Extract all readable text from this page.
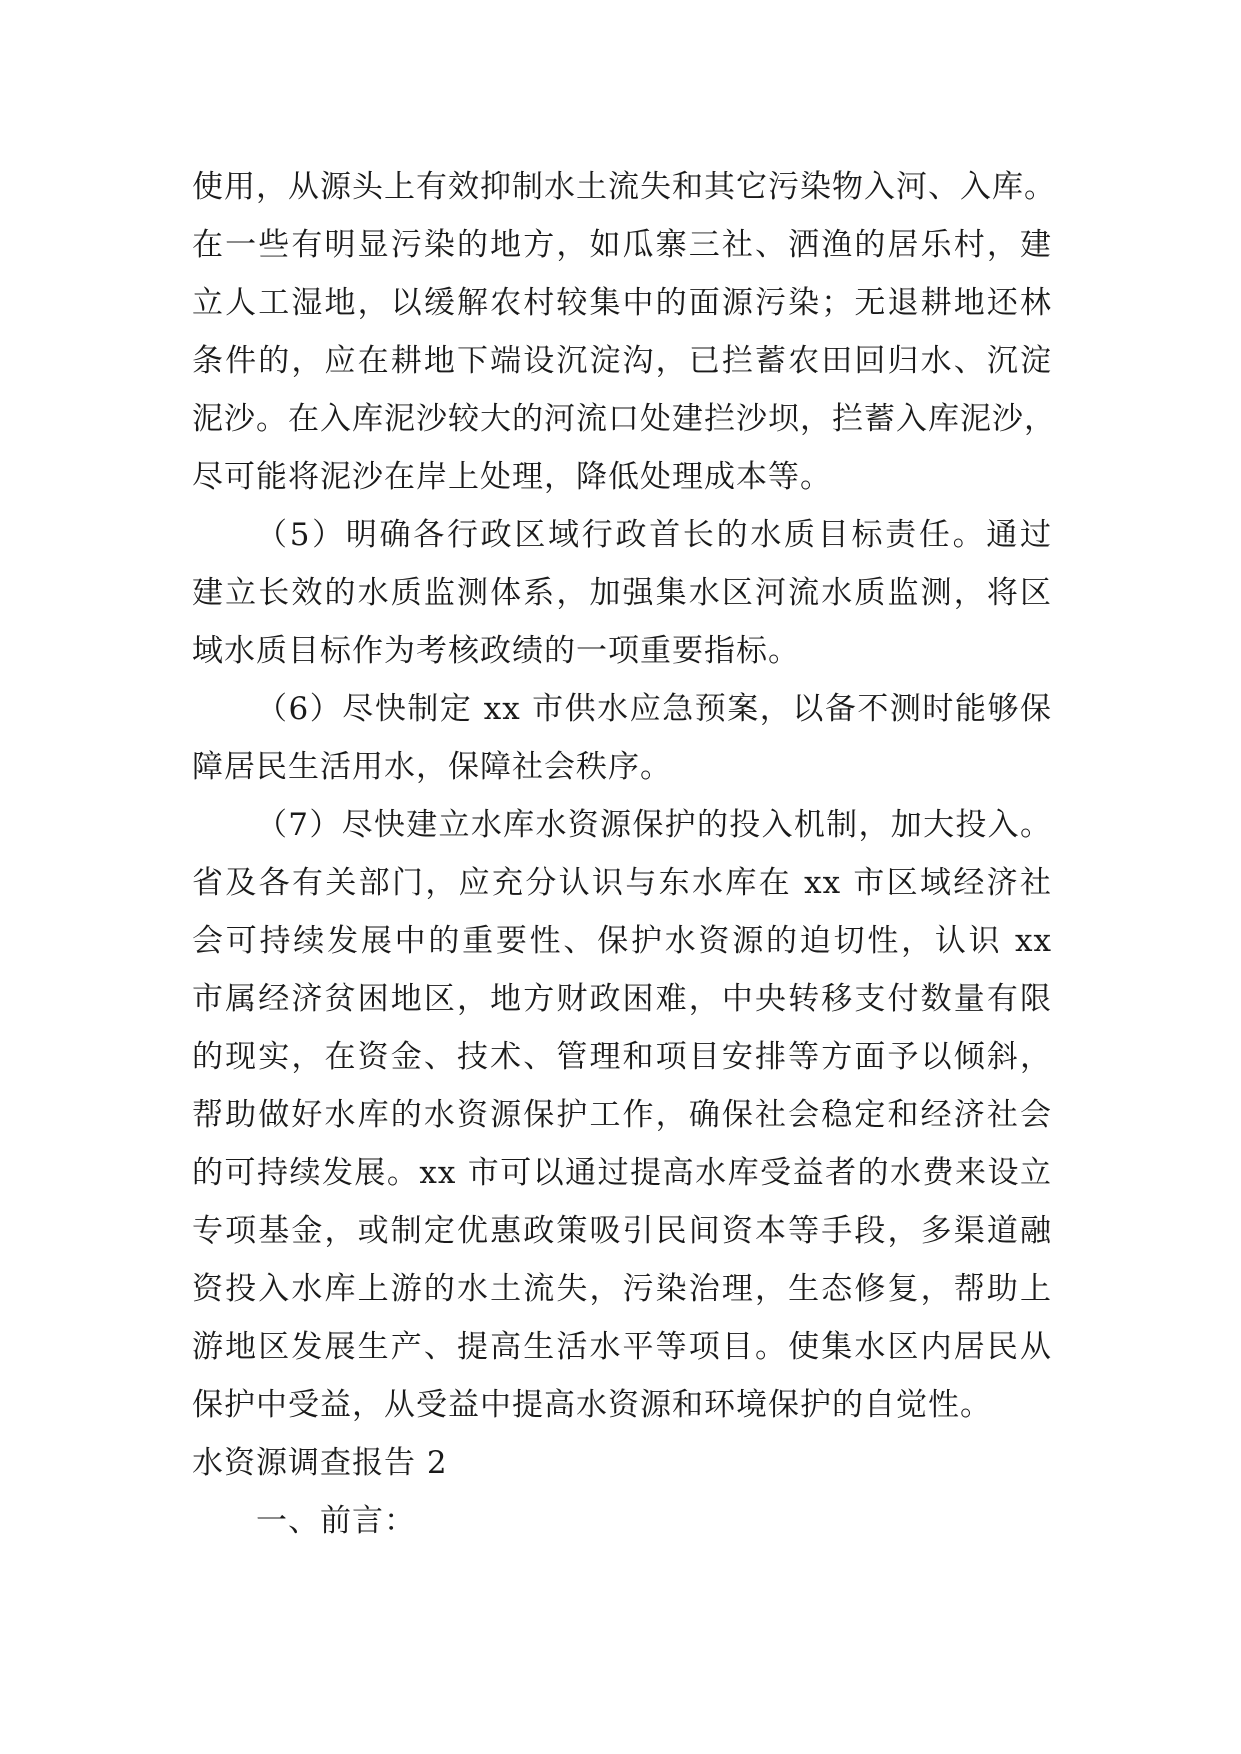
使用，从源头上有效抑制水土流失和其它污染物入河、入库。
在一些有明显污染的地方，如瓜寨三社、洒渔的居乐村，建
立人工湿地，以缓解农村较集中的面源污染；无退耕地还林
条件的，应在耕地下端设沉淀沟，已拦蓄农田回归水、沉淀
泥沙。在入库泥沙较大的河流口处建拦沙坝，拦蓄入库泥沙，
尽可能将泥沙在岸上处理，降低处理成本等。
（5）明确各行政区域行政首长的水质目标责任。通过
建立长效的水质监测体系，加强集水区河流水质监测，将区
域水质目标作为考核政绩的一项重要指标。
（6）尽快制定 xx 市供水应急预案，以备不测时能够保
障居民生活用水，保障社会秩序。
（7）尽快建立水库水资源保护的投入机制，加大投入。
省及各有关部门，应充分认识与东水库在 xx 市区域经济社
会可持续发展中的重要性、保护水资源的迫切性，认识 xx
市属经济贫困地区，地方财政困难，中央转移支付数量有限
的现实，在资金、技术、管理和项目安排等方面予以倾斜，
帮助做好水库的水资源保护工作，确保社会稳定和经济社会
的可持续发展。xx 市可以通过提高水库受益者的水费来设立
专项基金，或制定优惠政策吸引民间资本等手段，多渠道融
资投入水库上游的水土流失，污染治理，生态修复，帮助上
游地区发展生产、提高生活水平等项目。使集水区内居民从
保护中受益，从受益中提高水资源和环境保护的自觉性。
水资源调查报告 2
一、前言：
